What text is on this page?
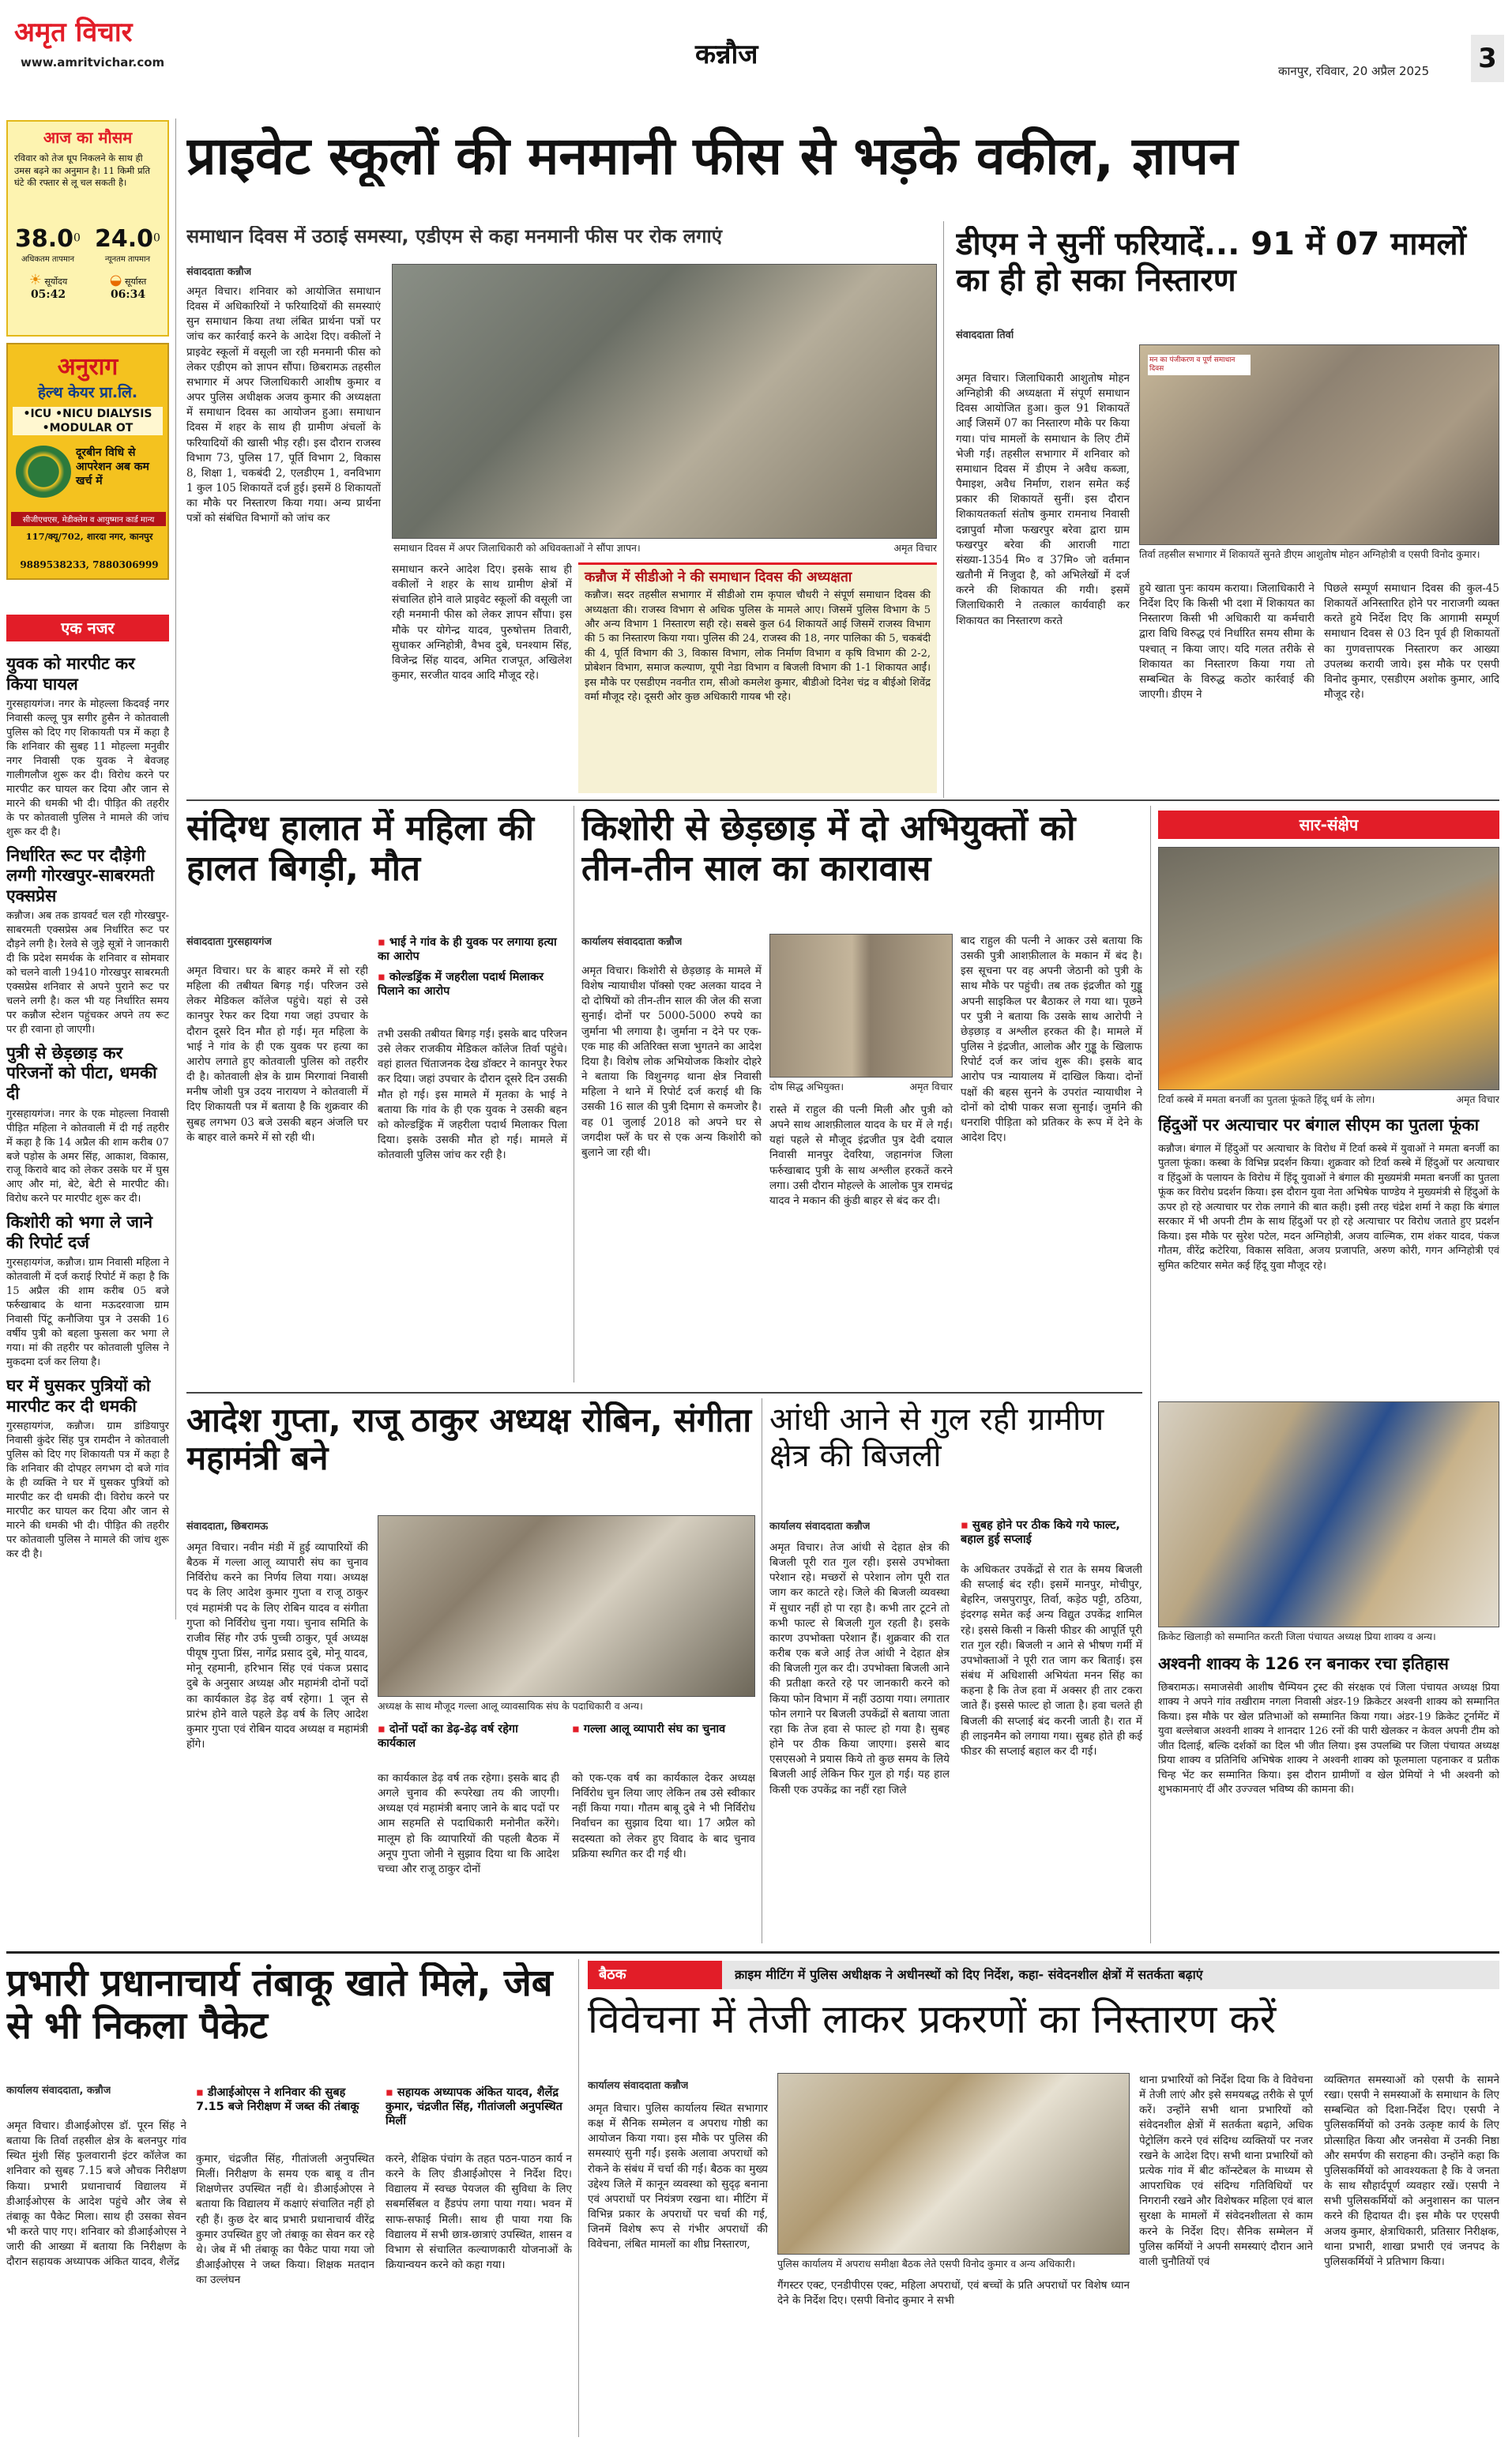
अमृत विचार
www.amritvichar.com	कन्नौज
कानपुर, रविवार, 20 अप्रैल 2025 3
आज का मौसम
रविवार को तेज धूप निकलने के साथ ही उमस बढ़ने का अनुमान है। 11 किमी प्रति घंटे की रफ्तार से लू चल सकती है।
38.0$^0$
अधिकतम तापमान
24.0$^0$
न्यूनतम तापमान
☀ सूर्योदय
05:42
◒ सूर्यास्त
06:34
अनुराग
हेल्थ केयर प्रा.लि.
•ICU •NICU DIALYSIS •MODULAR OT
दूरबीन विधि से आपरेशन अब कम खर्च में
सीजीएचएस, मेडीक्लेम व आयुष्मान कार्ड मान्य
117/क्यू/702, शारदा नगर, कानपुर
9889538233, 7880306999
एक नजर
युवक को मारपीट कर किया घायल
गुरसहायगंज। नगर के मोहल्ला किदवई नगर निवासी कल्लू पुत्र सगीर हुसैन ने कोतवाली पुलिस को दिए गए शिकायती पत्र में कहा है कि शनिवार की सुबह 11 मोहल्ला मनुवीर नगर निवासी एक युवक ने बेवजह गालीगलौज शुरू कर दी। विरोध करने पर मारपीट कर घायल कर दिया और जान से मारने की धमकी भी दी। पीड़ित की तहरीर के पर कोतवाली पुलिस ने मामले की जांच शुरू कर दी है।
निर्धारित रूट पर दौड़ेगी लग्गी गोरखपुर-साबरमती एक्सप्रेस
कन्नौज। अब तक डायवर्ट चल रही गोरखपुर-साबरमती एक्सप्रेस अब निर्धारित रूट पर दौड़ने लगी है। रेलवे से जुड़े सूत्रों ने जानकारी दी कि प्रदेश समर्थक के शनिवार व सोमवार को चलने वाली 19410 गोरखपुर साबरमती एक्सप्रेस शनिवार से अपने पुराने रूट पर चलने लगी है। कल भी यह निर्धारित समय पर कन्नौज स्टेशन पहुंचकर अपने तय रूट पर ही रवाना हो जाएगी।
पुत्री से छेड़छाड़ कर परिजनों को पीटा, धमकी दी
गुरसहायगंज। नगर के एक मोहल्ला निवासी पीड़ित महिला ने कोतवाली में दी गई तहरीर में कहा है कि 14 अप्रैल की शाम करीब 07 बजे पड़ोस के अमर सिंह, आकाश, विकास, राजू किरावे बाद को लेकर उसके घर में घुस आए और मां, बेटे, बेटी से मारपीट की। विरोध करने पर मारपीट शुरू कर दी।
किशोरी को भगा ले जाने की रिपोर्ट दर्ज
गुरसहायगंज, कन्नौज। ग्राम निवासी महिला ने कोतवाली में दर्ज कराई रिपोर्ट में कहा है कि 15 अप्रैल की शाम करीब 05 बजे फर्रुखाबाद के थाना मऊदरवाजा ग्राम निवासी पिंटू कनौजिया पुत्र ने उसकी 16 वर्षीय पुत्री को बहला फुसला कर भगा ले गया। मां की तहरीर पर कोतवाली पुलिस ने मुकदमा दर्ज कर लिया है।
घर में घुसकर पुत्रियों को मारपीट कर दी धमकी
गुरसहायगंज, कन्नौज। ग्राम डांडियापुर निवासी कुंदेर सिंह पुत्र रामदीन ने कोतवाली पुलिस को दिए गए शिकायती पत्र में कहा है कि शनिवार की दोपहर लगभग दो बजे गांव के ही व्यक्ति ने घर में घुसकर पुत्रियों को मारपीट कर दी धमकी दी। विरोध करने पर मारपीट कर घायल कर दिया और जान से मारने की धमकी भी दी। पीड़ित की तहरीर पर कोतवाली पुलिस ने मामले की जांच शुरू कर दी है।
प्राइवेट स्कूलों की मनमानी फीस से भड़के वकील, ज्ञापन
समाधान दिवस में उठाई समस्या, एडीएम से कहा मनमानी फीस पर रोक लगाएं
संवाददाता कन्नौज
अमृत विचार। शनिवार को आयोजित समाधान दिवस में अधिकारियों ने फरियादियों की समस्याएं सुन समाधान किया तथा लंबित प्रार्थना पत्रों पर जांच कर कार्रवाई करने के आदेश दिए। वकीलों ने प्राइवेट स्कूलों में वसूली जा रही मनमानी फीस को लेकर एडीएम को ज्ञापन सौंपा। छिबरामऊ तहसील सभागार में अपर जिलाधिकारी आशीष कुमार व अपर पुलिस अधीक्षक अजय कुमार की अध्यक्षता में समाधान दिवस का आयोजन हुआ। समाधान दिवस में शहर के साथ ही ग्रामीण अंचलों के फरियादियों की खासी भीड़ रही। इस दौरान राजस्व विभाग 73, पुलिस 17, पूर्ति विभाग 2, विकास 8, शिक्षा 1, चकबंदी 2, एलडीएम 1, वनविभाग 1 कुल 105 शिकायतें दर्ज हुई। इसमें 8 शिकायतों का मौके पर निस्तारण किया गया। अन्य प्रार्थना पत्रों को संबंधित विभागों को जांच कर
समाधान दिवस में अपर जिलाधिकारी को अधिवक्ताओं ने सौंपा ज्ञापन।	अमृत विचार
समाधान करने आदेश दिए। इसके साथ ही वकीलों ने शहर के साथ ग्रामीण क्षेत्रों में संचालित होने वाले प्राइवेट स्कूलों की वसूली जा रही मनमानी फीस को लेकर ज्ञापन सौंपा। इस मौके पर योगेन्द्र यादव, पुरुषोत्तम तिवारी, सुधाकर अग्निहोत्री, वैभव दुबे, घनश्याम सिंह, विजेन्द्र सिंह यादव, अमित राजपूत, अखिलेश कुमार, सरजीत यादव आदि मौजूद रहे।
कन्नौज में सीडीओ ने की समाधान दिवस की अध्यक्षता
कन्नौज। सदर तहसील सभागार में सीडीओ राम कृपाल चौधरी ने संपूर्ण समाधान दिवस की अध्यक्षता की। राजस्व विभाग से अधिक पुलिस के मामले आए। जिसमें पुलिस विभाग के 5 और अन्य विभाग 1 निस्तारण सही रहे। सबसे कुल 64 शिकायतें आई जिसमें राजस्व विभाग की 5 का निस्तारण किया गया। पुलिस की 24, राजस्व की 18, नगर पालिका की 5, चकबंदी की 4, पूर्ति विभाग की 3, विकास विभाग, लोक निर्माण विभाग व कृषि विभाग की 2-2, प्रोबेशन विभाग, समाज कल्याण, यूपी नेडा विभाग व बिजली विभाग की 1-1 शिकायत आईं। इस मौके पर एसडीएम नवनीत राम, सीओ कमलेश कुमार, बीडीओ दिनेश चंद्र व बीईओ शिवेंद्र वर्मा मौजूद रहे। दूसरी ओर कुछ अधिकारी गायब भी रहे।
डीएम ने सुनीं फरियादें... 91 में 07 मामलों का ही हो सका निस्तारण
संवाददाता तिर्वा
अमृत विचार। जिलाधिकारी आशुतोष मोहन अग्निहोत्री की अध्यक्षता में संपूर्ण समाधान दिवस आयोजित हुआ। कुल 91 शिकायतें आईं जिसमें 07 का निस्तारण मौके पर किया गया। पांच मामलों के समाधान के लिए टीमें भेजी गईं। तहसील सभागार में शनिवार को समाधान दिवस में डीएम ने अवैध कब्जा, पैमाइश, अवैध निर्माण, राशन समेत कई प्रकार की शिकायतें सुनीं। इस दौरान शिकायतकर्ता संतोष कुमार रामनाथ निवासी दन्नापुर्वा मौजा फखरपुर बरेवा द्वारा ग्राम फखरपुर बरेवा की आराजी गाटा संख्या-1354 मि० व 37मि० जो वर्तमान खतौनी में निजुदा है, को अभिलेखों में दर्ज करने की शिकायत की गयी। इसमें जिलाधिकारी ने तत्काल कार्यवाही कर शिकायत का निस्तारण करते
मन का पंजीकरण व पूर्ण समाधान दिवस
तिर्वा तहसील सभागार में शिकायतें सुनते डीएम आशुतोष मोहन अग्निहोत्री व एसपी विनोद कुमार।
हुये खाता पुनः कायम कराया। जिलाधिकारी ने निर्देश दिए कि किसी भी दशा में शिकायत का निस्तारण किसी भी अधिकारी या कर्मचारी द्वारा विधि विरुद्ध एवं निर्धारित समय सीमा के पश्चात् न किया जाए। यदि गलत तरीके से शिकायत का निस्तारण किया गया तो सम्बन्धित के विरुद्ध कठोर कार्रवाई की जाएगी। डीएम ने
पिछले सम्पूर्ण समाधान दिवस की कुल-45 शिकायतें अनिस्तारित होने पर नाराजगी व्यक्त करते हुये निर्देश दिए कि आगामी सम्पूर्ण समाधान दिवस से 03 दिन पूर्व ही शिकायतों का गुणवत्तापरक निस्तारण कर आख्या उपलब्ध करायी जाये। इस मौके पर एसपी विनोद कुमार, एसडीएम अशोक कुमार, आदि मौजूद रहे।
संदिग्ध हालात में महिला की हालत बिगड़ी, मौत
संवाददाता गुरसहायगंज
अमृत विचार। घर के बाहर कमरे में सो रही महिला की तबीयत बिगड़ गई। परिजन उसे लेकर मेडिकल कॉलेज पहुंचे। यहां से उसे कानपुर रेफर कर दिया गया जहां उपचार के दौरान दूसरे दिन मौत हो गई। मृत महिला के भाई ने गांव के ही एक युवक पर हत्या का आरोप लगाते हुए कोतवाली पुलिस को तहरीर दी है। कोतवाली क्षेत्र के ग्राम मिरगावां निवासी मनीष जोशी पुत्र उदय नारायण ने कोतवाली में दिए शिकायती पत्र में बताया है कि शुक्रवार की सुबह लगभग 03 बजे उसकी बहन अंजलि घर के बाहर वाले कमरे में सो रही थी।
▪ भाई ने गांव के ही युवक पर लगाया हत्या का आरोप
▪ कोल्डड्रिंक में जहरीला पदार्थ मिलाकर पिलाने का आरोप
तभी उसकी तबीयत बिगड़ गई। इसके बाद परिजन उसे लेकर राजकीय मेडिकल कॉलेज तिर्वा पहुंचे। वहां हालत चिंताजनक देख डॉक्टर ने कानपुर रेफर कर दिया। जहां उपचार के दौरान दूसरे दिन उसकी मौत हो गई। इस मामले में मृतका के भाई ने बताया कि गांव के ही एक युवक ने उसकी बहन को कोल्डड्रिंक में जहरीला पदार्थ मिलाकर पिला दिया। इसके उसकी मौत हो गई। मामले में कोतवाली पुलिस जांच कर रही है।
किशोरी से छेड़छाड़ में दो अभियुक्तों को तीन-तीन साल का कारावास
कार्यालय संवाददाता कन्नौज
अमृत विचार। किशोरी से छेड़छाड़ के मामले में विशेष न्यायाधीश पॉक्सो एक्ट अलका यादव ने दो दोषियों को तीन-तीन साल की जेल की सजा सुनाई। दोनों पर 5000-5000 रुपये का जुर्माना भी लगाया है। जुर्माना न देने पर एक-एक माह की अतिरिक्त सजा भुगतने का आदेश दिया है। विशेष लोक अभियोजक किशोर दोहरे ने बताया कि विशुनगढ़ थाना क्षेत्र निवासी महिला ने थाने में रिपोर्ट दर्ज कराई थी कि उसकी 16 साल की पुत्री दिमाग से कमजोर है। वह 01 जुलाई 2018 को अपने घर से जगदीश फ्लॅ के घर से एक अन्य किशोरी को बुलाने जा रही थी।
दोष सिद्ध अभियुक्त।	अमृत विचार
रास्ते में राहुल की पत्नी मिली और पुत्री को अपने साथ आशफ़ीलाल यादव के घर में ले गई। यहां पहले से मौजूद इंद्रजीत पुत्र देवी दयाल निवासी मानपुर देवरिया, जहानगंज जिला फर्रुखाबाद पुत्री के साथ अश्लील हरकतें करने लगा। उसी दौरान मोहल्ले के आलोक पुत्र रामचंद्र यादव ने मकान की कुंडी बाहर से बंद कर दी।
बाद राहुल की पत्नी ने आकर उसे बताया कि उसकी पुत्री आशफ़ीलाल के मकान में बंद है। इस सूचना पर वह अपनी जेठानी को पुत्री के साथ मौके पर पहुंची। तब तक इंद्रजीत को गुड्डू अपनी साइकिल पर बैठाकर ले गया था। पूछने पर पुत्री ने बताया कि उसके साथ आरोपी ने छेड़छाड़ व अश्लील हरकत की है। मामले में पुलिस ने इंद्रजीत, आलोक और गुड्डू के खिलाफ रिपोर्ट दर्ज कर जांच शुरू की। इसके बाद आरोप पत्र न्यायालय में दाखिल किया। दोनों पक्षों की बहस सुनने के उपरांत न्यायाधीश ने दोनों को दोषी पाकर सजा सुनाई। जुर्माने की धनराशि पीड़िता को प्रतिकर के रूप में देने के आदेश दिए।
सार-संक्षेप
टिर्वा कस्बे में ममता बनर्जी का पुतला फूंकते हिंदू धर्म के लोग।	अमृत विचार
हिंदुओं पर अत्याचार पर बंगाल सीएम का पुतला फूंका
कन्नौज। बंगाल में हिंदुओं पर अत्याचार के विरोध में टिर्वा कस्बे में युवाओं ने ममता बनर्जी का पुतला फूंका। कस्बा के विभिन्न प्रदर्शन किया। शुक्रवार को टिर्वा कस्बे में हिंदुओं पर अत्याचार व हिंदुओं के पलायन के विरोध में हिंदू युवाओं ने बंगाल की मुख्यमंत्री ममता बनर्जी का पुतला फूंक कर विरोध प्रदर्शन किया। इस दौरान युवा नेता अभिषेक पाण्डेय ने मुख्यमंत्री से हिंदुओं के ऊपर हो रहे अत्याचार पर रोक लगाने की बात कही। इसी तरह चंद्रेश शर्मा ने कहा कि बंगाल सरकार में भी अपनी टीम के साथ हिंदुओं पर हो रहे अत्याचार पर विरोध जताते हुए प्रदर्शन किया। इस मौके पर सुरेश पटेल, मदन अग्निहोत्री, अजय वाल्मिक, राम शंकर यादव, पंकज गौतम, वीरेंद्र कटेरिया, विकास सविता, अजय प्रजापति, अरुण कोरी, गगन अग्निहोत्री एवं सुमित कटियार समेत कई हिंदू युवा मौजूद रहे।
क्रिकेट खिलाड़ी को सम्मानित करती जिला पंचायत अध्यक्ष प्रिया शाक्य व अन्य।
अश्वनी शाक्य के 126 रन बनाकर रचा इतिहास
छिबरामऊ। समाजसेवी आशीष चैम्पियन ट्रस्ट की संरक्षक एवं जिला पंचायत अध्यक्ष प्रिया शाक्य ने अपने गांव तखीराम नगला निवासी अंडर-19 क्रिकेटर अश्वनी शाक्य को सम्मानित किया। इस मौके पर खेल प्रतिभाओं को सम्मानित किया गया। अंडर-19 क्रिकेट टूर्नामेंट में युवा बल्लेबाज अश्वनी शाक्य ने शानदार 126 रनों की पारी खेलकर न केवल अपनी टीम को जीत दिलाई, बल्कि दर्शकों का दिल भी जीत लिया। इस उपलब्धि पर जिला पंचायत अध्यक्ष प्रिया शाक्य व प्रतिनिधि अभिषेक शाक्य ने अश्वनी शाक्य को फूलमाला पहनाकर व प्रतीक चिन्ह भेंट कर सम्मानित किया। इस दौरान ग्रामीणों व खेल प्रेमियों ने भी अश्वनी को शुभकामनाएं दीं और उज्ज्वल भविष्य की कामना की।
आदेश गुप्ता, राजू ठाकुर अध्यक्ष रोबिन, संगीता महामंत्री बने
संवाददाता, छिबरामऊ
अमृत विचार। नवीन मंडी में हुई व्यापारियों की बैठक में गल्ला आलू व्यापारी संघ का चुनाव निर्विरोध करने का निर्णय लिया गया। अध्यक्ष पद के लिए आदेश कुमार गुप्ता व राजू ठाकुर एवं महामंत्री पद के लिए रोबिन यादव व संगीता गुप्ता को निर्विरोध चुना गया। चुनाव समिति के राजीव सिंह गौर उर्फ पुच्ची ठाकुर, पूर्व अध्यक्ष पीयूष गुप्ता प्रिंस, नागेंद्र प्रसाद दुबे, मोनू यादव, मोनू रहमानी, हरिभान सिंह एवं पंकज प्रसाद दुबे के अनुसार अध्यक्ष और महामंत्री दोनों पदों का कार्यकाल डेढ़ डेढ़ वर्ष रहेगा। 1 जून से प्रारंभ होने वाले पहले डेढ़ वर्ष के लिए आदेश कुमार गुप्ता एवं रोबिन यादव अध्यक्ष व महामंत्री होंगे।
अध्यक्ष के साथ मौजूद गल्ला आलू व्यावसायिक संघ के पदाधिकारी व अन्य।
▪ दोनों पदों का डेढ़-डेढ़ वर्ष रहेगा कार्यकाल
▪ गल्ला आलू व्यापारी संघ का चुनाव
का कार्यकाल डेढ़ वर्ष तक रहेगा। इसके बाद ही अगले चुनाव की रूपरेखा तय की जाएगी। अध्यक्ष एवं महामंत्री बनाए जाने के बाद पदों पर आम सहमति से पदाधिकारी मनोनीत करेंगे। मालूम हो कि व्यापारियों की पहली बैठक में अनूप गुप्ता जोनी ने सुझाव दिया था कि आदेश चच्चा और राजू ठाकुर दोनों
को एक-एक वर्ष का कार्यकाल देकर अध्यक्ष निर्विरोध चुन लिया जाए लेकिन तब उसे स्वीकार नहीं किया गया। गौतम बाबू दुबे ने भी निर्विरोध निर्वाचन का सुझाव दिया था। 17 अप्रैल को सदस्यता को लेकर हुए विवाद के बाद चुनाव प्रक्रिया स्थगित कर दी गई थी।
आंधी आने से गुल रही ग्रामीण क्षेत्र की बिजली
कार्यालय संवाददाता कन्नौज
अमृत विचार। तेज आंधी से देहात क्षेत्र की बिजली पूरी रात गुल रही। इससे उपभोक्ता परेशान रहे। मच्छरों से परेशान लोग पूरी रात जाग कर काटते रहे। जिले की बिजली व्यवस्था में सुधार नहीं हो पा रहा है। कभी तार टूटने तो कभी फाल्ट से बिजली गुल रहती है। इसके कारण उपभोक्ता परेशान हैं। शुक्रवार की रात करीब एक बजे आई तेज आंधी ने देहात क्षेत्र की बिजली गुल कर दी। उपभोक्ता बिजली आने की प्रतीक्षा करते रहे पर जानकारी करने को किया फोन विभाग में नहीं उठाया गया। लगातार फोन लगाने पर बिजली उपकेंद्रों से बताया जाता रहा कि तेज हवा से फाल्ट हो गया है। सुबह होने पर ठीक किया जाएगा। इससे बाद एसएसओ ने प्रयास किये तो कुछ समय के लिये बिजली आई लेकिन फिर गुल हो गई। यह हाल किसी एक उपकेंद्र का नहीं रहा जिले
▪ सुबह होने पर ठीक किये गये फाल्ट, बहाल हुई सप्लाई
के अधिकतर उपकेंद्रों से रात के समय बिजली की सप्लाई बंद रही। इसमें मानपुर, मोचीपुर, बेहरिन, जसपुरापुर, तिर्वा, कड़ेठ पट्टी, ठठिया, इंदरगढ़ समेत कई अन्य विद्युत उपकेंद्र शामिल रहे। इससे किसी न किसी फीडर की आपूर्ति पूरी रात गुल रही। बिजली न आने से भीषण गर्मी में उपभोक्ताओं ने पूरी रात जाग कर बिताई। इस संबंध में अधिशासी अभियंता मनन सिंह का कहना है कि तेज हवा में अक्सर ही तार टकरा जाते हैं। इससे फाल्ट हो जाता है। हवा चलते ही बिजली की सप्लाई बंद करनी जाती है। रात में ही लाइनमैन को लगाया गया। सुबह होते ही कई फीडर की सप्लाई बहाल कर दी गई।
प्रभारी प्रधानाचार्य तंबाकू खाते मिले, जेब से भी निकला पैकेट
कार्यालय संवाददाता, कन्नौज
अमृत विचार। डीआईओएस डॉ. पूरन सिंह ने बताया कि तिर्वा तहसील क्षेत्र के बलनपुर गांव स्थित मुंशी सिंह फुलवारानी इंटर कॉलेज का शनिवार को सुबह 7.15 बजे औचक निरीक्षण किया। प्रभारी प्रधानाचार्य विद्यालय में डीआईओएस के आदेश पहुंचे और जेब से तंबाकू का पैकेट मिला। साथ ही उसका सेवन भी करते पाए गए। शनिवार को डीआईओएस ने जारी की आख्या में बताया कि निरीक्षण के दौरान सहायक अध्यापक अंकित यादव, शैलेंद्र
▪ डीआईओएस ने शनिवार की सुबह 7.15 बजे निरीक्षण में जब्त की तंबाकू
कुमार, चंद्रजीत सिंह, गीतांजली अनुपस्थित मिलीं। निरीक्षण के समय एक बाबू व तीन शिक्षणेत्तर उपस्थित नहीं थे। डीआईओएस ने बताया कि विद्यालय में कक्षाएं संचालित नहीं हो रही हैं। कुछ देर बाद प्रभारी प्रधानाचार्य वीरेंद्र कुमार उपस्थित हुए जो तंबाकू का सेवन कर रहे थे। जेब में भी तंबाकू का पैकेट पाया गया जो डीआईओएस ने जब्त किया। शिक्षक मतदान का उल्लंघन
▪ सहायक अध्यापक अंकित यादव, शैलेंद्र कुमार, चंद्रजीत सिंह, गीतांजली अनुपस्थित मिलीं
करने, शैक्षिक पंचांग के तहत पठन-पाठन कार्य न करने के लिए डीआईओएस ने निर्देश दिए। विद्यालय में स्वच्छ पेयजल की सुविधा के लिए सबमर्सिबल व हैंडपंप लगा पाया गया। भवन में साफ-सफाई मिली। साथ ही पाया गया कि विद्यालय में सभी छात्र-छात्राएं उपस्थित, शासन व विभाग से संचालित कल्याणकारी योजनाओं के क्रियान्वयन करने को कहा गया।
बैठक	क्राइम मीटिंग में पुलिस अधीक्षक ने अधीनस्थों को दिए निर्देश, कहा- संवेदनशील क्षेत्रों में सतर्कता बढ़ाएं
विवेचना में तेजी लाकर प्रकरणों का निस्तारण करें
कार्यालय संवाददाता कन्नौज
अमृत विचार। पुलिस कार्यालय स्थित सभागार कक्ष में सैनिक सम्मेलन व अपराध गोष्ठी का आयोजन किया गया। इस मौके पर पुलिस की समस्याएं सुनी गईं। इसके अलावा अपराधों को रोकने के संबंध में चर्चा की गई। बैठक का मुख्य उद्देश्य जिले में कानून व्यवस्था को सुदृढ़ बनाना एवं अपराधों पर नियंत्रण रखना था। मीटिंग में विभिन्न प्रकार के अपराधों पर चर्चा की गई, जिनमें विशेष रूप से गंभीर अपराधों की विवेचना, लंबित मामलों का शीघ्र निस्तारण,
पुलिस कार्यालय में अपराध समीक्षा बैठक लेते एसपी विनोद कुमार व अन्य अधिकारी।
गैंगस्टर एक्ट, एनडीपीएस एक्ट, महिला अपराधों, एवं बच्चों के प्रति अपराधों पर विशेष ध्यान देने के निर्देश दिए। एसपी विनोद कुमार ने सभी
थाना प्रभारियों को निर्देश दिया कि वे विवेचना में तेजी लाएं और इसे समयबद्ध तरीके से पूर्ण करें। उन्होंने सभी थाना प्रभारियों को संवेदनशील क्षेत्रों में सतर्कता बढ़ाने, अधिक पेट्रोलिंग करने एवं संदिग्ध व्यक्तियों पर नजर रखने के आदेश दिए। सभी थाना प्रभारियों को प्रत्येक गांव में बीट कॉन्स्टेबल के माध्यम से आपराधिक एवं संदिग्ध गतिविधियों पर निगरानी रखने और विशेषकर महिला एवं बाल सुरक्षा के मामलों में संवेदनशीलता से काम करने के निर्देश दिए। सैनिक सम्मेलन में पुलिस कर्मियों ने अपनी समस्याएं दौरान आने वाली चुनौतियों एवं
व्यक्तिगत समस्याओं को एसपी के सामने रखा। एसपी ने समस्याओं के समाधान के लिए सम्बन्धित को दिशा-निर्देश दिए। एसपी ने पुलिसकर्मियों को उनके उत्कृष्ट कार्य के लिए प्रोत्साहित किया और जनसेवा में उनकी निष्ठा और समर्पण की सराहना की। उन्होंने कहा कि पुलिसकर्मियों को आवश्यकता है कि वे जनता के साथ सौहार्दपूर्ण व्यवहार रखें। एसपी ने सभी पुलिसकर्मियों को अनुशासन का पालन करने की हिदायत दी। इस मौके पर एएसपी अजय कुमार, क्षेत्राधिकारी, प्रतिसार निरीक्षक, थाना प्रभारी, शाखा प्रभारी एवं जनपद के पुलिसकर्मियों ने प्रतिभाग किया।
